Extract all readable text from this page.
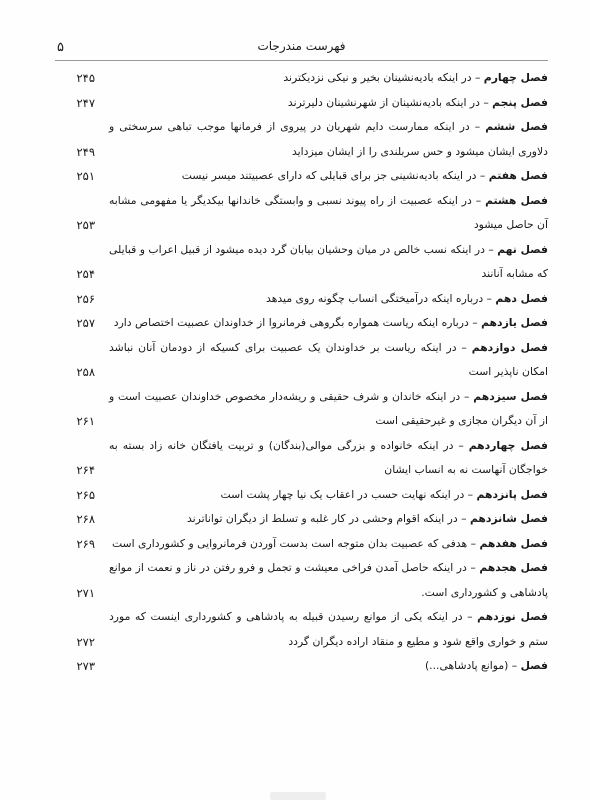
۵	فهرست مندرجات
فصل چهارم – در اینکه بادیه‌نشینان بخیر و نیکی نزدیکترند
۲۴۵
فصل پنجم – در اینکه بادیه‌نشینان از شهرنشینان دلیرترند
۲۴۷
فصل ششم – در اینکه ممارست دایم شهریان در پیروی از فرمانها موجب تباهی سرسختی و دلاوری ایشان میشود و حس سربلندی را از ایشان میزداید
۲۴۹
فصل هفتم – در اینکه بادیه‌نشینی جز برای قبایلی که دارای عصبیتند میسر نیست
۲۵۱
فصل هشتم – در اینکه عصبیت از راه پیوند نسبی و وابستگی خاندانها بیکدیگر یا مفهومی مشابه آن حاصل میشود
۲۵۳
فصل نهم – در اینکه نسب خالص در میان وحشیان بیابان گرد دیده میشود از قبیل اعراب و قبایلی که مشابه آنانند
۲۵۴
فصل دهم – درباره اینکه درآمیختگی انساب چگونه روی میدهد
۲۵۶
فصل یازدهم – درباره اینکه ریاست همواره بگروهی فرمانروا از خداوندان عصبیت اختصاص دارد
۲۵۷
فصل دوازدهم – در اینکه ریاست بر خداوندان یک عصبیت برای کسیکه از دودمان آنان نباشد امکان ناپذیر است
۲۵۸
فصل سیزدهم – در اینکه خاندان و شرف حقیقی و ریشه‌دار مخصوص خداوندان عصبیت است و از آن دیگران مجازی و غیرحقیقی است
۲۶۱
فصل چهاردهم – در اینکه خانواده و بزرگی موالی(بندگان) و تربیت یافتگان خانه زاد بسته به خواجگان آنهاست نه به انساب ایشان
۲۶۴
فصل پانزدهم – در اینکه نهایت حسب در اعقاب یک نیا چهار پشت است
۲۶۵
فصل شانزدهم – در اینکه اقوام وحشی در کار غلبه و تسلط از دیگران تواناترند
۲۶۸
فصل هفدهم – هدفی که عصبیت بدان متوجه است بدست آوردن فرمانروایی و کشورداری است
۲۶۹
فصل هجدهم – در اینکه حاصل آمدن فراخی معیشت و تجمل و فرو رفتن در ناز و نعمت از موانع پادشاهی و کشورداری است.
۲۷۱
فصل نوزدهم – در اینکه یکی از موانع رسیدن قبیله به پادشاهی و کشورداری اینست که مورد ستم و خواری واقع شود و مطیع و منقاد اراده دیگران گردد
۲۷۲
فصل – (موانع پادشاهی...)
۲۷۳
